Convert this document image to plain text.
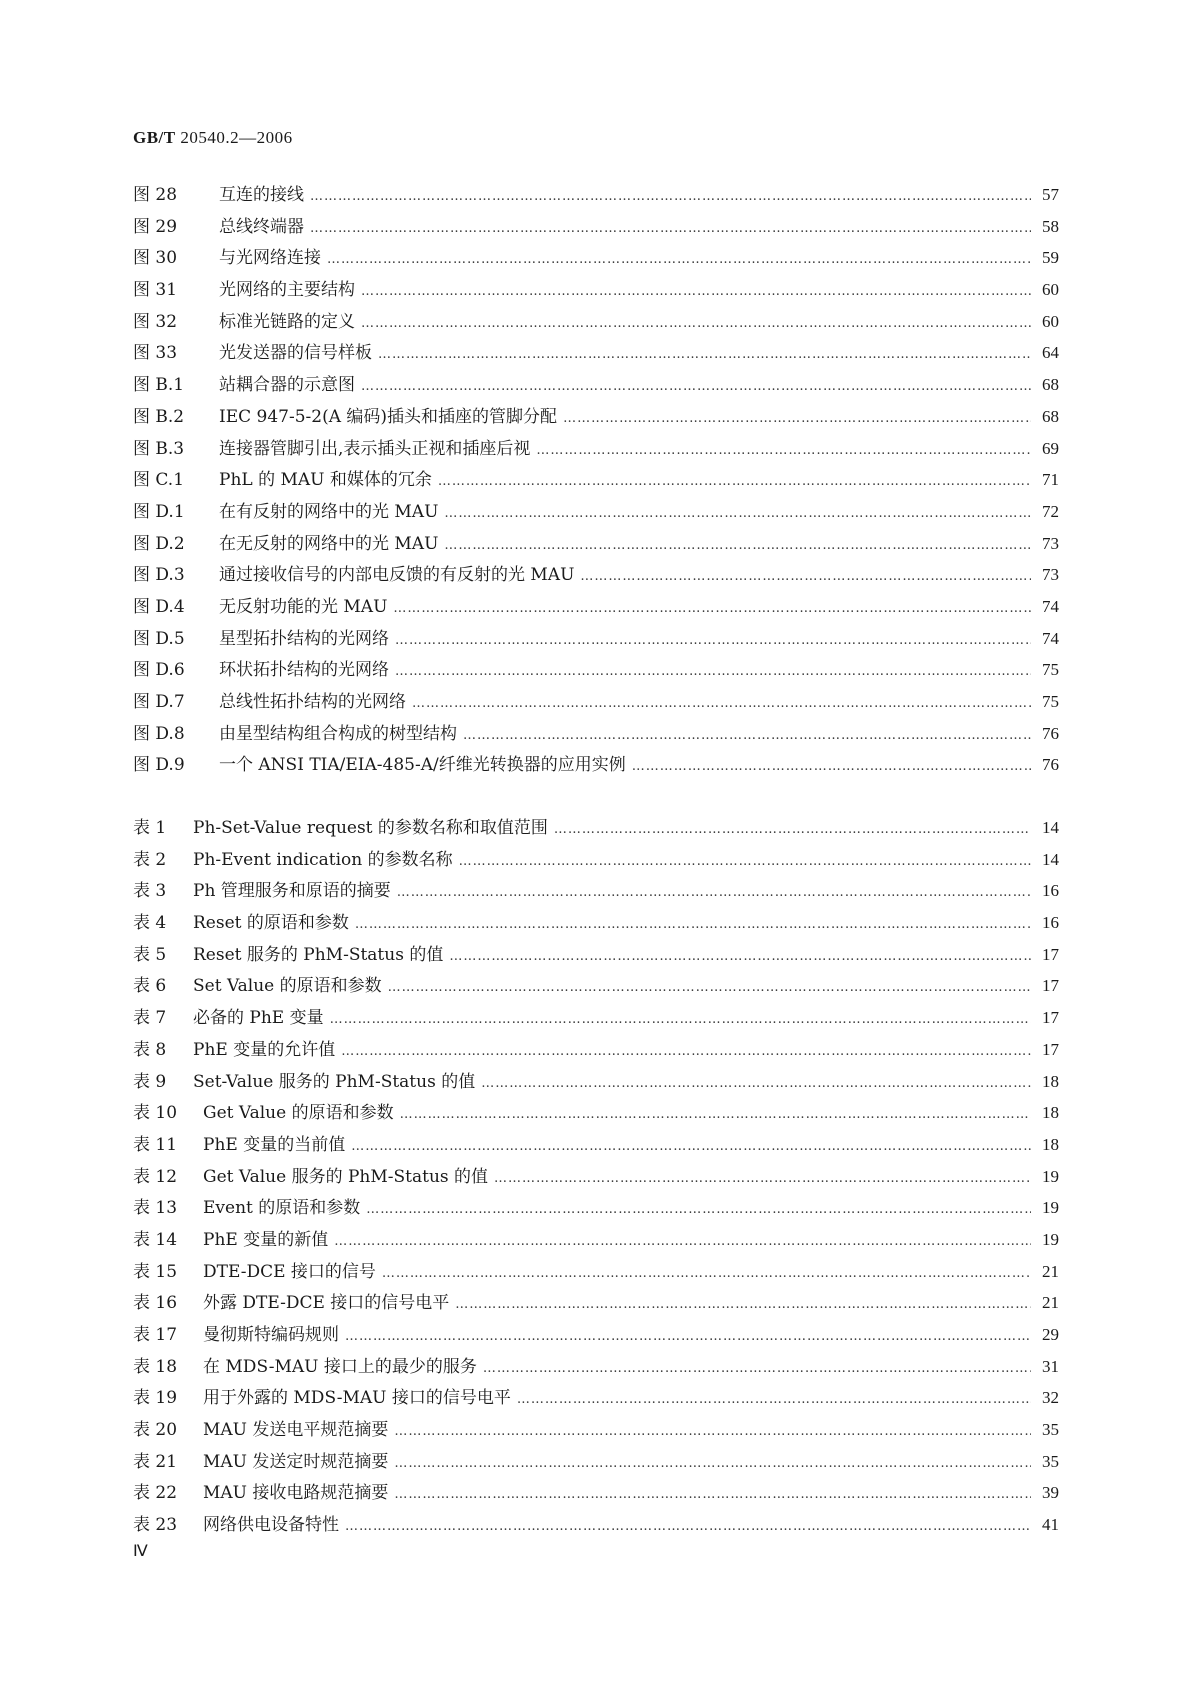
GB/T 20540.2—2006
图 28	互连的接线 ……………………………………………………………………………………………………………………………………………………………………………	57
图 29	总线终端器 ……………………………………………………………………………………………………………………………………………………………………………	58
图 30	与光网络连接 ……………………………………………………………………………………………………………………………………………………………………………	59
图 31	光网络的主要结构 ……………………………………………………………………………………………………………………………………………………………………………	60
图 32	标准光链路的定义 ……………………………………………………………………………………………………………………………………………………………………………	60
图 33	光发送器的信号样板 ……………………………………………………………………………………………………………………………………………………………………………	64
图 B.1	站耦合器的示意图 ……………………………………………………………………………………………………………………………………………………………………………	68
图 B.2	IEC 947-5-2(A 编码)插头和插座的管脚分配 ……………………………………………………………………………………………………………………………………………………………………………	68
图 B.3	连接器管脚引出,表示插头正视和插座后视 ……………………………………………………………………………………………………………………………………………………………………………	69
图 C.1	PhL 的 MAU 和媒体的冗余 ……………………………………………………………………………………………………………………………………………………………………………	71
图 D.1	在有反射的网络中的光 MAU ……………………………………………………………………………………………………………………………………………………………………………	72
图 D.2	在无反射的网络中的光 MAU ……………………………………………………………………………………………………………………………………………………………………………	73
图 D.3	通过接收信号的内部电反馈的有反射的光 MAU ……………………………………………………………………………………………………………………………………………………………………………	73
图 D.4	无反射功能的光 MAU ……………………………………………………………………………………………………………………………………………………………………………	74
图 D.5	星型拓扑结构的光网络 ……………………………………………………………………………………………………………………………………………………………………………	74
图 D.6	环状拓扑结构的光网络 ……………………………………………………………………………………………………………………………………………………………………………	75
图 D.7	总线性拓扑结构的光网络 ……………………………………………………………………………………………………………………………………………………………………………	75
图 D.8	由星型结构组合构成的树型结构 ……………………………………………………………………………………………………………………………………………………………………………	76
图 D.9	一个 ANSI TIA/EIA-485-A/纤维光转换器的应用实例 ……………………………………………………………………………………………………………………………………………………………………………	76
表 1	Ph-Set-Value request 的参数名称和取值范围 ……………………………………………………………………………………………………………………………………………………………………………	14
表 2	Ph-Event indication 的参数名称 ……………………………………………………………………………………………………………………………………………………………………………	14
表 3	Ph 管理服务和原语的摘要 ……………………………………………………………………………………………………………………………………………………………………………	16
表 4	Reset 的原语和参数 ……………………………………………………………………………………………………………………………………………………………………………	16
表 5	Reset 服务的 PhM-Status 的值 ……………………………………………………………………………………………………………………………………………………………………………	17
表 6	Set Value 的原语和参数 ……………………………………………………………………………………………………………………………………………………………………………	17
表 7	必备的 PhE 变量 ……………………………………………………………………………………………………………………………………………………………………………	17
表 8	PhE 变量的允许值 ……………………………………………………………………………………………………………………………………………………………………………	17
表 9	Set-Value 服务的 PhM-Status 的值 ……………………………………………………………………………………………………………………………………………………………………………	18
表 10	Get Value 的原语和参数 ……………………………………………………………………………………………………………………………………………………………………………	18
表 11	PhE 变量的当前值 ……………………………………………………………………………………………………………………………………………………………………………	18
表 12	Get Value 服务的 PhM-Status 的值 ……………………………………………………………………………………………………………………………………………………………………………	19
表 13	Event 的原语和参数 ……………………………………………………………………………………………………………………………………………………………………………	19
表 14	PhE 变量的新值 ……………………………………………………………………………………………………………………………………………………………………………	19
表 15	DTE-DCE 接口的信号 ……………………………………………………………………………………………………………………………………………………………………………	21
表 16	外露 DTE-DCE 接口的信号电平 ……………………………………………………………………………………………………………………………………………………………………………	21
表 17	曼彻斯特编码规则 ……………………………………………………………………………………………………………………………………………………………………………	29
表 18	在 MDS-MAU 接口上的最少的服务 ……………………………………………………………………………………………………………………………………………………………………………	31
表 19	用于外露的 MDS-MAU 接口的信号电平 ……………………………………………………………………………………………………………………………………………………………………………	32
表 20	MAU 发送电平规范摘要 ……………………………………………………………………………………………………………………………………………………………………………	35
表 21	MAU 发送定时规范摘要 ……………………………………………………………………………………………………………………………………………………………………………	35
表 22	MAU 接收电路规范摘要 ……………………………………………………………………………………………………………………………………………………………………………	39
表 23	网络供电设备特性 ……………………………………………………………………………………………………………………………………………………………………………	41
Ⅳ
